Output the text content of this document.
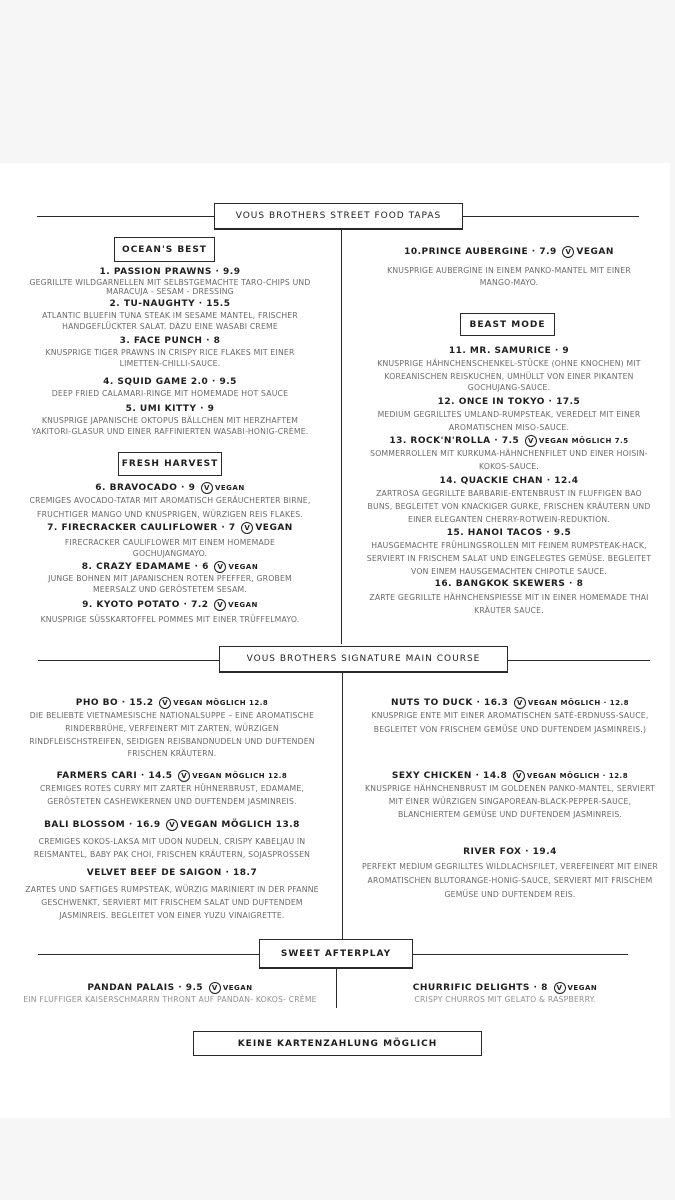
VOUS BROTHERS STREET FOOD TAPAS
OCEAN'S BEST
FRESH HARVEST
BEAST MODE
VOUS BROTHERS SIGNATURE MAIN COURSE
SWEET AFTERPLAY
KEINE KARTENZAHLUNG MÖGLICH
1. PASSION PRAWNS · 9.9
GEGRILLTE WILDGARNELLEN MIT SELBSTGEMACHTE TARO-CHIPS UND
MARACUJA - SESAM - DRESSING
2. TU-NAUGHTY · 15.5
ATLANTIC BLUEFIN TUNA STEAK IM SESAME MANTEL, FRISCHER
HANDGEFLÜCKTER SALAT. DAZU EINE WASABI CREME
3. FACE PUNCH · 8
KNUSPRIGE TIGER PRAWNS IN CRISPY RICE FLAKES MIT EINER
LIMETTEN-CHILLI-SAUCE.
4. SQUID GAME 2.0 · 9.5
DEEP FRIED CALAMARI-RINGE MIT HOMEMADE HOT SAUCE
5. UMI KITTY · 9
KNUSPRIGE JAPANISCHE OKTOPUS BÄLLCHEN MIT HERZHAFTEM
YAKITORI-GLASUR UND EINER RAFFINIERTEN WASABI-HONIG-CRÈME.
6. BRAVOCADO · 9 V VEGAN
CREMIGES AVOCADO-TATAR MIT AROMATISCH GERÄUCHERTER BIRNE,
FRUCHTIGER MANGO UND KNUSPRIGEN, WÜRZIGEN REIS FLAKES.
7. FIRECRACKER CAULIFLOWER · 7 V VEGAN
FIRECRACKER CAULIFLOWER MIT EINEM HOMEMADE
GOCHUJANGMAYO.
8. CRAZY EDAMAME · 6 V VEGAN
JUNGE BOHNEN MIT JAPANISCHEN ROTEN PFEFFER, GROBEM
MEERSALZ UND GERÖSTETEM SESAM.
9. KYOTO POTATO · 7.2 V VEGAN
KNUSPRIGE SÜSSKARTOFFEL POMMES MIT EINER TRÜFFELMAYO.
10.PRINCE AUBERGINE · 7.9 V VEGAN
KNUSPRIGE AUBERGINE IN EINEM PANKO-MANTEL MIT EINER
MANGO-MAYO.
11. MR. SAMURICE · 9
KNUSPRIGE HÄHNCHENSCHENKEL-STÜCKE (OHNE KNOCHEN) MIT
KOREANISCHEN REISKUCHEN, UMHÜLLT VON EINER PIKANTEN
GOCHUJANG-SAUCE.
12. ONCE IN TOKYO · 17.5
MEDIUM GEGRILLTES UMLAND-RUMPSTEAK, VEREDELT MIT EINER
AROMATISCHEN MISO-SAUCE.
13. ROCK'N'ROLLA · 7.5 V VEGAN MÖGLICH 7.5
SOMMERROLLEN MIT KURKUMA-HÄHNCHENFILET UND EINER HOISIN-
KOKOS-SAUCE.
14. QUACKIE CHAN · 12.4
ZARTROSA GEGRILLTE BARBARIE-ENTENBRUST IN FLUFFIGEN BAO
BUNS, BEGLEITET VON KNACKIGER GURKE, FRISCHEN KRÄUTERN UND
EINER ELEGANTEN CHERRY-ROTWEIN-REDUKTION.
15. HANOI TACOS · 9.5
HAUSGEMACHTE FRÜHLINGSROLLEN MIT FEINEM RUMPSTEAK-HACK,
SERVIERT IN FRISCHEM SALAT UND EINGELEGTES GEMÜSE. BEGLEITET
VON EINEM HAUSGEMACHTEN CHIPOTLE SAUCE.
16. BANGKOK SKEWERS · 8
ZARTE GEGRILLTE HÄHNCHENSPIESSE MIT IN EINER HOMEMADE THAI
KRÄUTER SAUCE.
PHO BO · 15.2 V VEGAN MÖGLICH 12.8
DIE BELIEBTE VIETNAMESISCHE NATIONALSUPPE – EINE AROMATISCHE
RINDERBRÜHE, VERFEINERT MIT ZARTEN, WÜRZIGEN
RINDFLEISCHSTREIFEN, SEIDIGEN REISBANDNUDELN UND DUFTENDEN
FRISCHEN KRÄUTERN.
FARMERS CARI · 14.5 V VEGAN MÖGLICH 12.8
CREMIGES ROTES CURRY MIT ZARTER HÜHNERBRUST, EDAMAME,
GERÖSTETEN CASHEWKERNEN UND DUFTENDEM JASMINREIS.
BALI BLOSSOM · 16.9 V VEGAN MÖGLICH 13.8
CREMIGES KOKOS-LAKSA MIT UDON NUDELN, CRISPY KABELJAU IN
REISMANTEL, BABY PAK CHOI, FRISCHEN KRÄUTERN, SOJASPROSSEN
VELVET BEEF DE SAIGON · 18.7
ZARTES UND SAFTIGES RUMPSTEAK, WÜRZIG MARINIERT IN DER PFANNE
GESCHWENKT, SERVIERT MIT FRISCHEM SALAT UND DUFTENDEM
JASMINREIS. BEGLEITET VON EINER YUZU VINAIGRETTE.
NUTS TO DUCK · 16.3 V VEGAN MÖGLICH · 12.8
KNUSPRIGE ENTE MIT EINER AROMATISCHEN SATÉ-ERDNUSS-SAUCE,
BEGLEITET VON FRISCHEM GEMÜSE UND DUFTENDEM JASMINREIS.)
SEXY CHICKEN · 14.8 V VEGAN MÖGLICH · 12.8
KNUSPRIGE HÄHNCHENBRUST IM GOLDENEN PANKO-MANTEL, SERVIERT
MIT EINER WÜRZIGEN SINGAPOREAN-BLACK-PEPPER-SAUCE,
BLANCHIERTEM GEMÜSE UND DUFTENDEM JASMINREIS.
RIVER FOX · 19.4
PERFEKT MEDIUM GEGRILLTES WILDLACHSFILET, VEREFEINERT MIT EINER
AROMATISCHEN BLUTORANGE-HONIG-SAUCE, SERVIERT MIT FRISCHEM
GEMÜSE UND DUFTENDEM REIS.
PANDAN PALAIS · 9.5 V VEGAN
EIN FLUFFIGER KAISERSCHMARRN THRONT AUF PANDAN- KOKOS- CRÈME
CHURRIFIC DELIGHTS · 8 V VEGAN
CRISPY CHURROS MIT GELATO & RASPBERRY.
